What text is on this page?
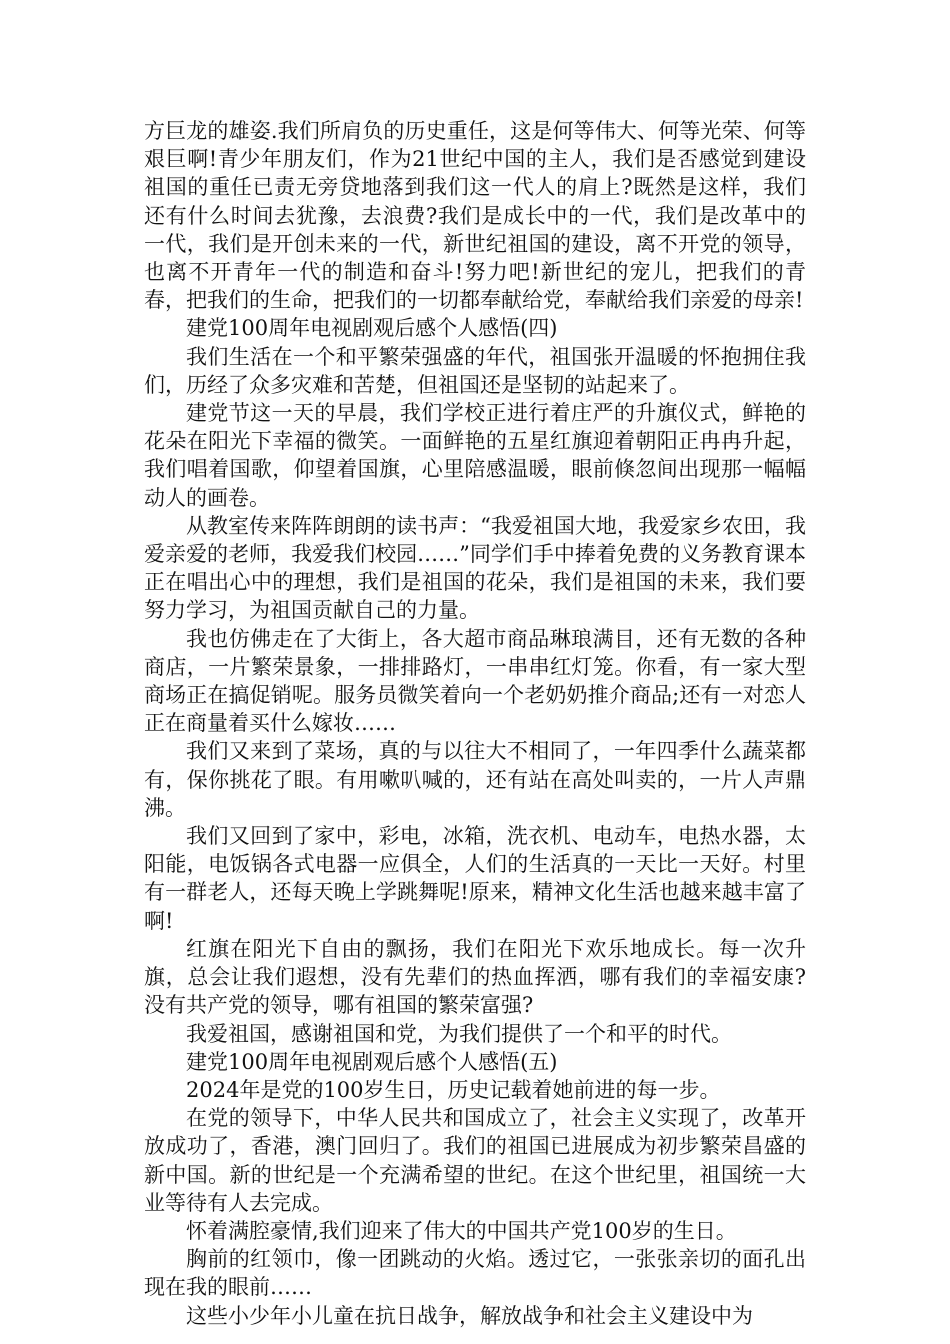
方巨龙的雄姿.我们所肩负的历史重任，这是何等伟大、何等光荣、何等艰巨啊!青少年朋友们，作为21世纪中国的主人，我们是否感觉到建设祖国的重任已责无旁贷地落到我们这一代人的肩上?既然是这样，我们还有什么时间去犹豫，去浪费?我们是成长中的一代，我们是改革中的一代，我们是开创未来的一代，新世纪祖国的建设，离不开党的领导，也离不开青年一代的制造和奋斗!努力吧!新世纪的宠儿，把我们的青春，把我们的生命，把我们的一切都奉献给党，奉献给我们亲爱的母亲!

建党100周年电视剧观后感个人感悟(四)

我们生活在一个和平繁荣强盛的年代，祖国张开温暖的怀抱拥住我们，历经了众多灾难和苦楚，但祖国还是坚韧的站起来了。

建党节这一天的早晨，我们学校正进行着庄严的升旗仪式，鲜艳的花朵在阳光下幸福的微笑。一面鲜艳的五星红旗迎着朝阳正冉冉升起，我们唱着国歌，仰望着国旗，心里陪感温暖，眼前倏忽间出现那一幅幅动人的画卷。

从教室传来阵阵朗朗的读书声：“我爱祖国大地，我爱家乡农田，我爱亲爱的老师，我爱我们校园……”同学们手中捧着免费的义务教育课本正在唱出心中的理想，我们是祖国的花朵，我们是祖国的未来，我们要努力学习，为祖国贡献自己的力量。

我也仿佛走在了大街上，各大超市商品琳琅满目，还有无数的各种商店，一片繁荣景象，一排排路灯，一串串红灯笼。你看，有一家大型商场正在搞促销呢。服务员微笑着向一个老奶奶推介商品;还有一对恋人正在商量着买什么嫁妆……

我们又来到了菜场，真的与以往大不相同了，一年四季什么蔬菜都有，保你挑花了眼。有用嗽叭喊的，还有站在高处叫卖的，一片人声鼎沸。

我们又回到了家中，彩电，冰箱，洗衣机、电动车，电热水器，太阳能，电饭锅各式电器一应俱全，人们的生活真的一天比一天好。村里有一群老人，还每天晚上学跳舞呢!原来，精神文化生活也越来越丰富了啊!

红旗在阳光下自由的飘扬，我们在阳光下欢乐地成长。每一次升旗，总会让我们遐想，没有先辈们的热血挥洒，哪有我们的幸福安康?没有共产党的领导，哪有祖国的繁荣富强?

我爱祖国，感谢祖国和党，为我们提供了一个和平的时代。

建党100周年电视剧观后感个人感悟(五)

2024年是党的100岁生日，历史记载着她前进的每一步。

在党的领导下，中华人民共和国成立了，社会主义实现了，改革开放成功了，香港，澳门回归了。我们的祖国已进展成为初步繁荣昌盛的新中国。新的世纪是一个充满希望的世纪。在这个世纪里，祖国统一大业等待有人去完成。

怀着满腔豪情,我们迎来了伟大的中国共产党100岁的生日。

胸前的红领巾，像一团跳动的火焰。透过它，一张张亲切的面孔出现在我的眼前……

这些小少年小儿童在抗日战争，解放战争和社会主义建设中为
